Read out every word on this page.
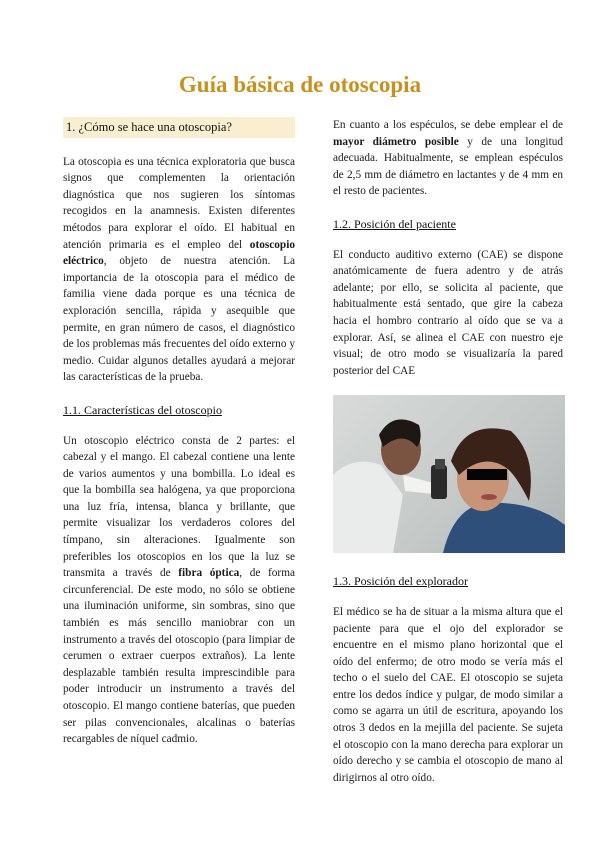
Guía básica de otoscopia
1. ¿Cómo se hace una otoscopia?

La otoscopia es una técnica exploratoria que busca signos que complementen la orientación diagnóstica que nos sugieren los síntomas recogidos en la anamnesis. Existen diferentes métodos para explorar el oído. El habitual en atención primaria es el empleo del otoscopio eléctrico, objeto de nuestra atención. La importancia de la otoscopia para el médico de familia viene dada porque es una técnica de exploración sencilla, rápida y asequible que permite, en gran número de casos, el diagnóstico de los problemas más frecuentes del oído externo y medio. Cuidar algunos detalles ayudará a mejorar las características de la prueba.

1.1. Características del otoscopio

Un otoscopio eléctrico consta de 2 partes: el cabezal y el mango. El cabezal contiene una lente de varios aumentos y una bombilla. Lo ideal es que la bombilla sea halógena, ya que proporciona una luz fría, intensa, blanca y brillante, que permite visualizar los verdaderos colores del tímpano, sin alteraciones. Igualmente son preferibles los otoscopios en los que la luz se transmita a través de fibra óptica, de forma circunferencial. De este modo, no sólo se obtiene una iluminación uniforme, sin sombras, sino que también es más sencillo maniobrar con un instrumento a través del otoscopio (para limpiar de cerumen o extraer cuerpos extraños). La lente desplazable también resulta imprescindible para poder introducir un instrumento a través del otoscopio. El mango contiene baterías, que pueden ser pilas convencionales, alcalinas o baterías recargables de níquel cadmio.

En cuanto a los espéculos, se debe emplear el de mayor diámetro posible y de una longitud adecuada. Habitualmente, se emplean espéculos de 2,5 mm de diámetro en lactantes y de 4 mm en el resto de pacientes.

1.2. Posición del paciente

El conducto auditivo externo (CAE) se dispone anatómicamente de fuera adentro y de atrás adelante; por ello, se solicita al paciente, que habitualmente está sentado, que gire la cabeza hacia el hombro contrario al oído que se va a explorar. Así, se alinea el CAE con nuestro eje visual; de otro modo se visualizaría la pared posterior del CAE

1.3. Posición del explorador

El médico se ha de situar a la misma altura que el paciente para que el ojo del explorador se encuentre en el mismo plano horizontal que el oído del enfermo; de otro modo se vería más el techo o el suelo del CAE. El otoscopio se sujeta entre los dedos índice y pulgar, de modo similar a como se agarra un útil de escritura, apoyando los otros 3 dedos en la mejilla del paciente. Se sujeta el otoscopio con la mano derecha para explorar un oído derecho y se cambia el otoscopio de mano al dirigirnos al otro oído.
